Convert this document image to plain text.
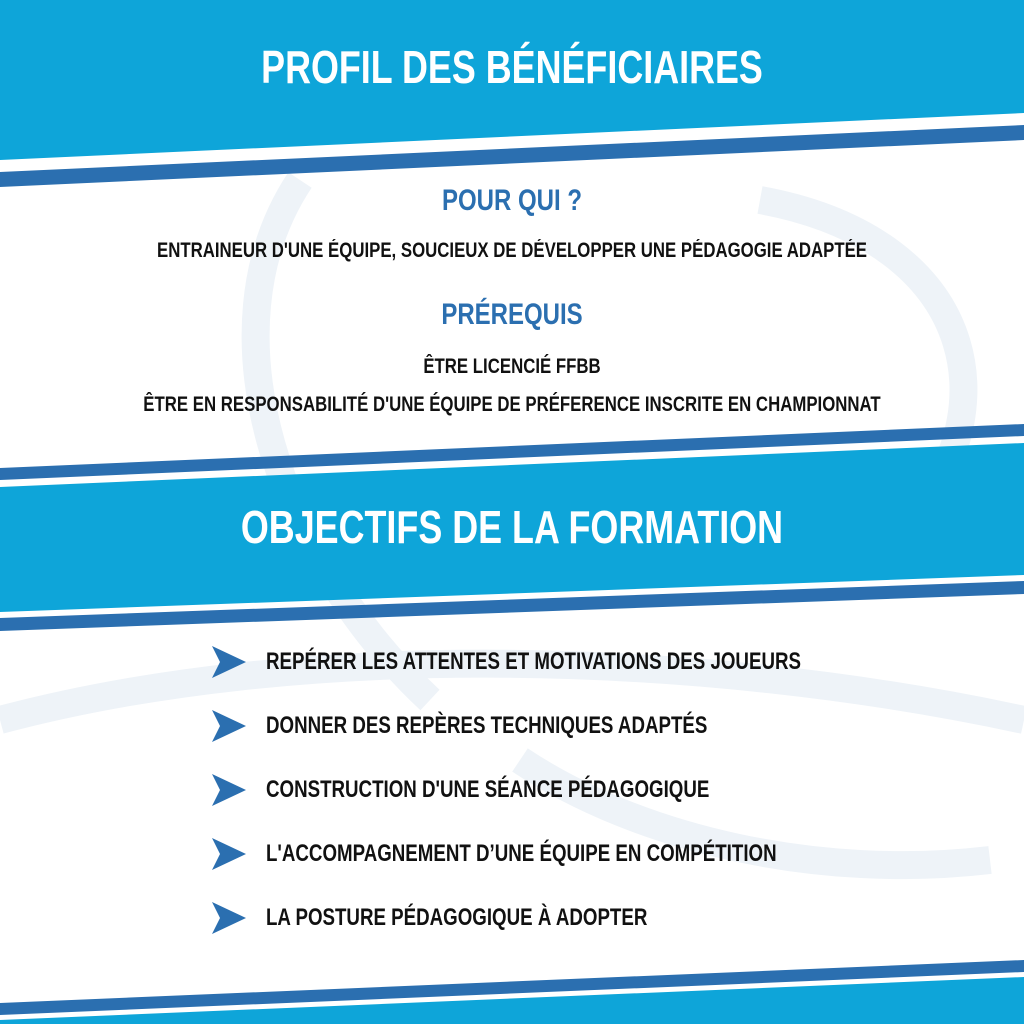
PROFIL DES BÉNÉFICIAIRES
POUR QUI ?
ENTRAINEUR D'UNE ÉQUIPE, SOUCIEUX DE DÉVELOPPER UNE PÉDAGOGIE ADAPTÉE
PRÉREQUIS
ÊTRE LICENCIÉ FFBB
ÊTRE EN RESPONSABILITÉ D'UNE ÉQUIPE DE PRÉFERENCE INSCRITE EN CHAMPIONNAT
OBJECTIFS DE LA FORMATION
REPÉRER LES ATTENTES ET MOTIVATIONS DES JOUEURS
DONNER DES REPÈRES TECHNIQUES ADAPTÉS
CONSTRUCTION D'UNE SÉANCE PÉDAGOGIQUE
L'ACCOMPAGNEMENT D’UNE ÉQUIPE EN COMPÉTITION
LA POSTURE PÉDAGOGIQUE À ADOPTER
